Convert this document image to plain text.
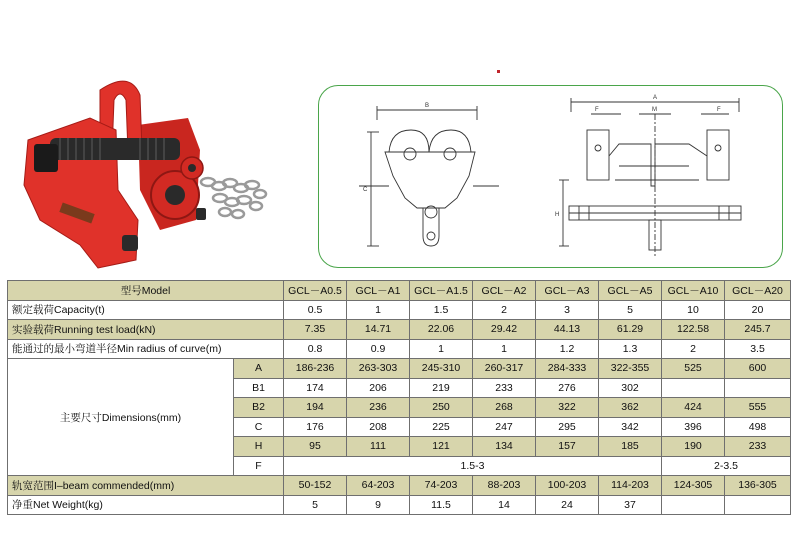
B
C
A
F	F
M
H
型号Model		GCL－A0.5	GCL－A1	GCL－A1.5	GCL－A2	GCL－A3	GCL－A5	GCL－A10	GCL－A20
额定载荷Capacity(t)		0.5	1	1.5	2	3	5	10	20
实验载荷Running test load(kN)		7.35	14.71	22.06	29.42	44.13	61.29	122.58	245.7
能通过的最小弯道半径Min radius of curve(m)		0.8	0.9	1	1	1.2	1.3	2	3.5
主要尺寸Dimensions(mm)	A	186-236	263-303	245-310	260-317	284-333	322-355	525	600
	B1	174	206	219	233	276	302		
	B2	194	236	250	268	322	362	424	555
	C	176	208	225	247	295	342	396	498
	H	95	111	121	134	157	185	190	233
	F	1.5-3						2-3.5	
轨宽范围I–beam commended(mm)		50-152	64-203	74-203	88-203	100-203	114-203	124-305	136-305
净重Net Weight(kg)		5	9	11.5	14	24	37		
